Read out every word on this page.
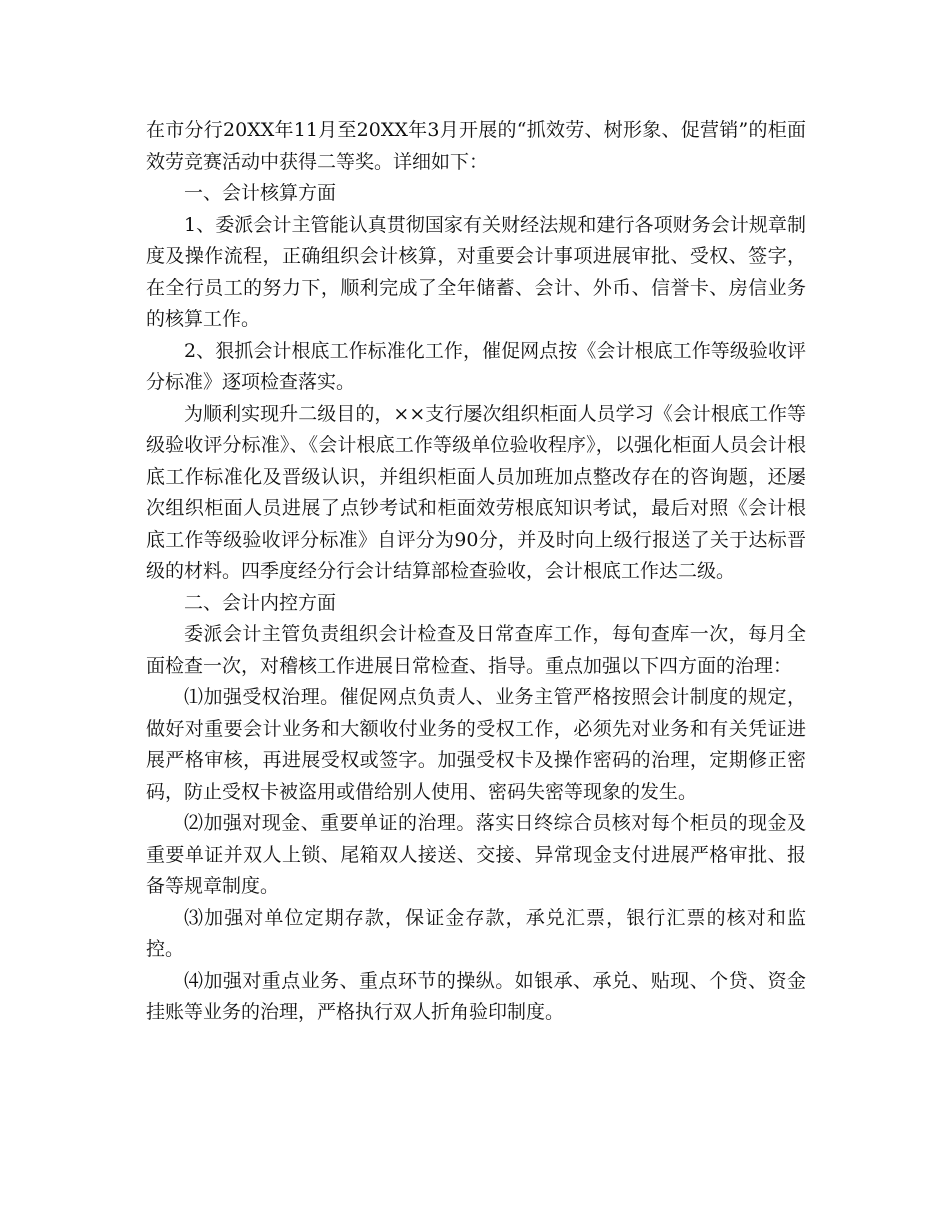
在市分行20XX年11月至20XX年3月开展的“抓效劳、树形象、促营销”的柜面效劳竞赛活动中获得二等奖。详细如下：

一、会计核算方面

1、委派会计主管能认真贯彻国家有关财经法规和建行各项财务会计规章制度及操作流程，正确组织会计核算，对重要会计事项进展审批、受权、签字，在全行员工的努力下，顺利完成了全年储蓄、会计、外币、信誉卡、房信业务的核算工作。

2、狠抓会计根底工作标准化工作，催促网点按《会计根底工作等级验收评分标准》逐项检查落实。

为顺利实现升二级目的，××支行屡次组织柜面人员学习《会计根底工作等级验收评分标准》、《会计根底工作等级单位验收程序》，以强化柜面人员会计根底工作标准化及晋级认识，并组织柜面人员加班加点整改存在的咨询题，还屡次组织柜面人员进展了点钞考试和柜面效劳根底知识考试，最后对照《会计根底工作等级验收评分标准》自评分为90分，并及时向上级行报送了关于达标晋级的材料。四季度经分行会计结算部检查验收，会计根底工作达二级。

二、会计内控方面

委派会计主管负责组织会计检查及日常查库工作，每旬查库一次，每月全面检查一次，对稽核工作进展日常检查、指导。重点加强以下四方面的治理：

⑴加强受权治理。催促网点负责人、业务主管严格按照会计制度的规定，做好对重要会计业务和大额收付业务的受权工作，必须先对业务和有关凭证进展严格审核，再进展受权或签字。加强受权卡及操作密码的治理，定期修正密码，防止受权卡被盗用或借给别人使用、密码失密等现象的发生。

⑵加强对现金、重要单证的治理。落实日终综合员核对每个柜员的现金及重要单证并双人上锁、尾箱双人接送、交接、异常现金支付进展严格审批、报备等规章制度。

⑶加强对单位定期存款，保证金存款，承兑汇票，银行汇票的核对和监控。

⑷加强对重点业务、重点环节的操纵。如银承、承兑、贴现、个贷、资金挂账等业务的治理，严格执行双人折角验印制度。
